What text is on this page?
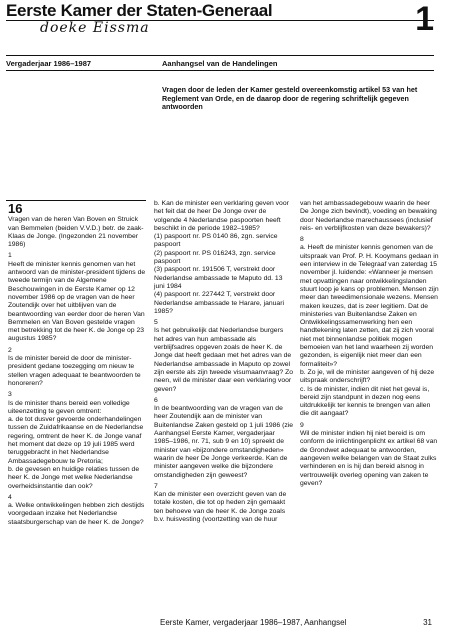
Eerste Kamer der Staten-Generaal
doeke Eissma	1
Vergaderjaar 1986–1987	Aanhangsel van de Handelingen
Vragen door de leden der Kamer gesteld overeenkomstig artikel 53 van het Reglement van Orde, en de daarop door de regering schriftelijk gegeven antwoorden

16

Vragen van de heren Van Boven en Struick van Bemmelen (beiden V.V.D.) betr. de zaak-Klaas de Jonge. (Ingezonden 21 november 1986)

1

Heeft de minister kennis genomen van het antwoord van de minister-president tijdens de tweede termijn van de Algemene Beschouwingen in de Eerste Kamer op 12 november 1986 op de vragen van de heer Zoutendijk over het uitblijven van de beantwoording van eerder door de heren Van Bemmelen en Van Boven gestelde vragen met betrekking tot de heer K. de Jonge op 23 augustus 1985?

2

Is de minister bereid de door de minister-president gedane toezegging om nieuw te stellen vragen adequaat te beantwoorden te honoreren?

3

Is de minister thans bereid een volledige uiteenzetting te geven omtrent:

a. de tot dusver gevoerde onderhandelingen tussen de Zuidafrikaanse en de Nederlandse regering, omtrent de heer K. de Jonge vanaf het moment dat deze op 19 juli 1985 werd teruggebracht in het Nederlandse Ambassadegebouw te Pretoria;

b. de gevesen en huidige relaties tussen de heer K. de Jonge met welke Nederlandse overheidsinstantie dan ook?

4

a. Welke ontwikkelingen hebben zich destijds voorgedaan inzake het Nederlandse staatsburgerschap van de heer K. de Jonge?

b. Kan de minister een verklaring geven voor het feit dat de heer De Jonge over de volgende 4 Nederlandse paspoorten heeft beschikt in de periode 1982–1985?

(1) paspoort nr. PS 0140 86, zgn. service paspoort

(2) paspoort nr. PS 016243, zgn. service paspoort

(3) paspoort nr. 191506 T, verstrekt door Nederlandse ambassade te Maputo dd. 13 juni 1984

(4) paspoort nr. 227442 T, verstrekt door Nederlandse ambassade te Harare, januari 1985?

5

Is het gebruikelijk dat Nederlandse burgers het adres van hun ambassade als verblijfsadres opgeven zoals de heer K. de Jonge dat heeft gedaan met het adres van de Nederlandse ambassade in Maputo op zowel zijn eerste als zijn tweede visumaanvraag? Zo neen, wil de minister daar een verklaring voor geven?

6

In de beantwoording van de vragen van de heer Zoutendijk aan de minister van Buitenlandse Zaken gesteld op 1 juli 1986 (zie Aanhangsel Eerste Kamer, vergaderjaar 1985–1986, nr. 71, sub 9 en 10) spreekt de minister van «bijzondere omstandigheden» waarin de heer De Jonge verkeerde. Kan de minister aangeven welke die bijzondere omstandigheden zijn geweest?

7

Kan de minister een overzicht geven van de totale kosten, die tot op heden zijn gemaakt ten behoeve van de heer K. de Jonge zoals b.v. huisvesting (voortzetting van de huur

van het ambassadegebouw waarin de heer De Jonge zich bevindt), voeding en bewaking door Nederlandse marechaussees (inclusief reis- en verblijfkosten van deze bewakers)?

8

a. Heeft de minister kennis genomen van de uitspraak van Prof. P. H. Kooymans gedaan in een interview in de Telegraaf van zaterdag 15 november jl. luidende: «Wanneer je mensen met opvattingen naar ontwikkelingslanden stuurt loop je kans op problemen. Mensen zijn meer dan tweedimensionale wezens. Mensen maken keuzes, dat is zeer legitiem. Dat de ministeries van Buitenlandse Zaken en Ontwikkelingssamenwerking hen een handtekening laten zetten, dat zij zich vooral niet met binnenlandse politiek mogen bemoeien van het land waarheen zij worden gezonden, is eigenlijk niet meer dan een formaliteit»?

b. Zo je, wil de minister aangeven of hij deze uitspraak onderschrijft?

c. Is de minister, indien dit niet het geval is, bereid zijn standpunt in dezen nog eens uitdrukkelijk ter kennis te brengen van allen die dit aangaat?

9

Wil de minister indien hij niet bereid is om conform de inlichtingenplicht ex artikel 68 van de Grondwet adequaat te antwoorden, aangeven welke belangen van de Staat zulks verhinderen en is hij dan bereid alsnog in vertrouwelijk overleg opening van zaken te geven?

Eerste Kamer, vergaderjaar 1986–1987, Aanhangsel	31
